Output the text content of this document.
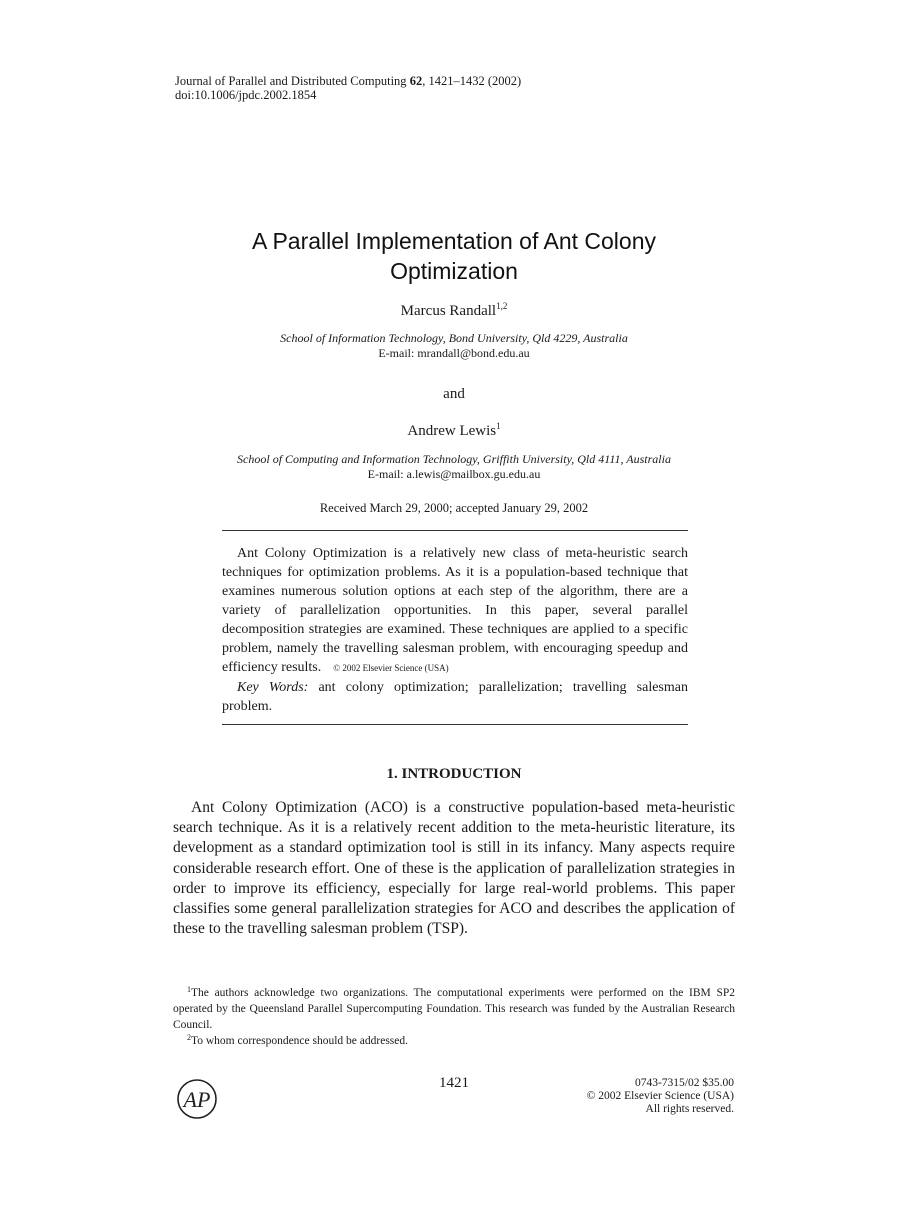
Journal of Parallel and Distributed Computing 62, 1421–1432 (2002)
doi:10.1006/jpdc.2002.1854
A Parallel Implementation of Ant Colony
Optimization
Marcus Randall$^{1,2}$
School of Information Technology, Bond University, Qld 4229, Australia
E-mail: mrandall@bond.edu.au
and
Andrew Lewis$^1$
School of Computing and Information Technology, Griffith University, Qld 4111, Australia
E-mail: a.lewis@mailbox.gu.edu.au
Received March 29, 2000; accepted January 29, 2002

Ant Colony Optimization is a relatively new class of meta-heuristic search techniques for optimization problems. As it is a population-based technique that examines numerous solution options at each step of the algorithm, there are a variety of parallelization opportunities. In this paper, several parallel decomposition strategies are examined. These techniques are applied to a specific problem, namely the travelling salesman problem, with encouraging speedup and efficiency results. © 2002 Elsevier Science (USA)

Key Words: ant colony optimization; parallelization; travelling salesman problem.

1. INTRODUCTION

Ant Colony Optimization (ACO) is a constructive population-based meta-heuristic search technique. As it is a relatively recent addition to the meta-heuristic literature, its development as a standard optimization tool is still in its infancy. Many aspects require considerable research effort. One of these is the application of parallelization strategies in order to improve its efficiency, especially for large real-world problems. This paper classifies some general parallelization strategies for ACO and describes the application of these to the travelling salesman problem (TSP).

$^1$The authors acknowledge two organizations. The computational experiments were performed on the IBM SP2 operated by the Queensland Parallel Supercomputing Foundation. This research was funded by the Australian Research Council.

$^2$To whom correspondence should be addressed.

AP
1421	0743-7315/02 $35.00
© 2002 Elsevier Science (USA)
All rights reserved.
